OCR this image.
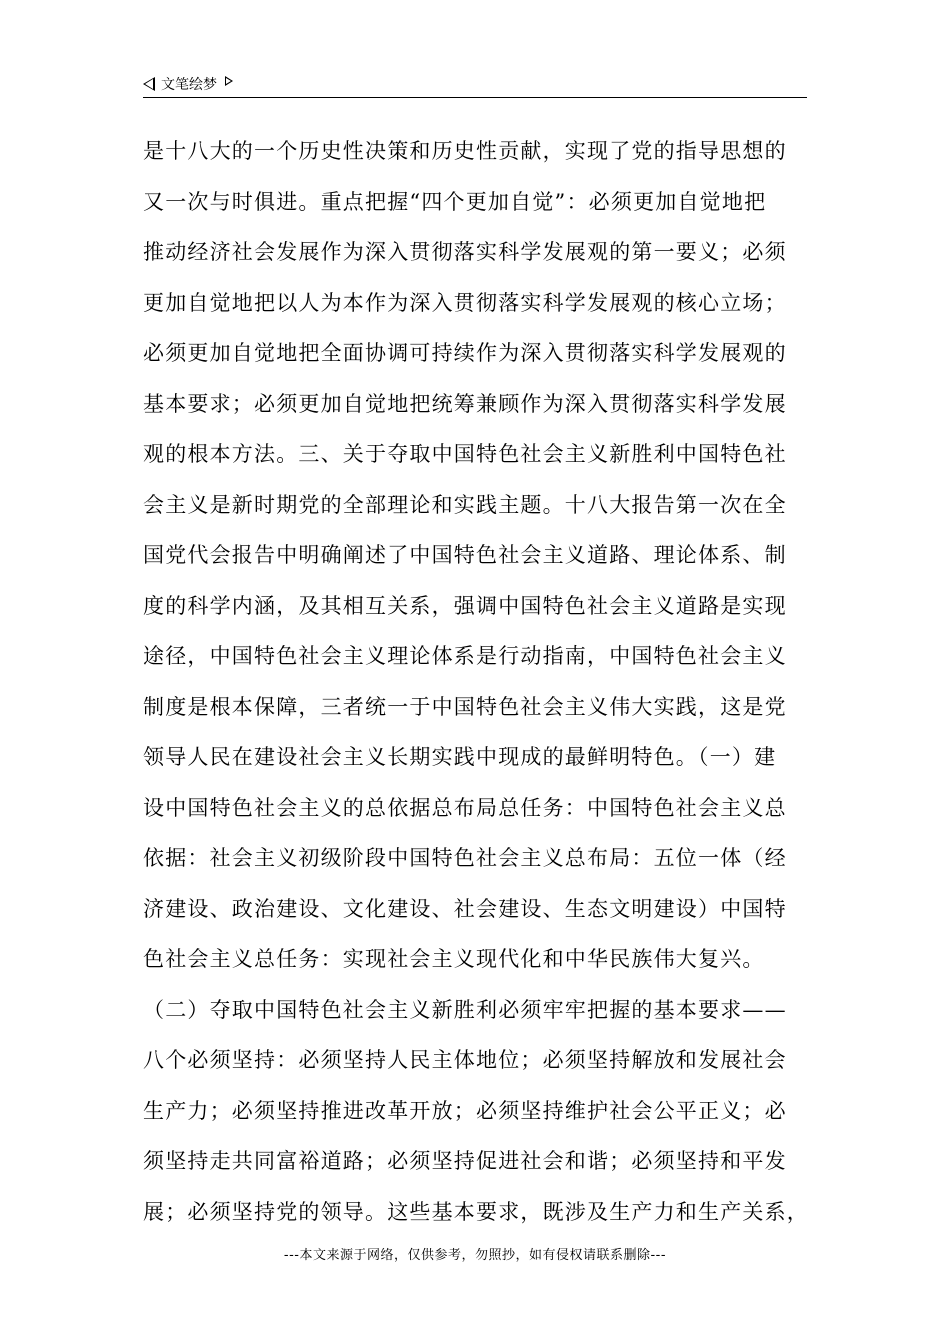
文笔绘梦
是十八大的一个历史性决策和历史性贡献，实现了党的指导思想的
又一次与时俱进。重点把握“四个更加自觉”：必须更加自觉地把
推动经济社会发展作为深入贯彻落实科学发展观的第一要义；必须
更加自觉地把以人为本作为深入贯彻落实科学发展观的核心立场；
必须更加自觉地把全面协调可持续作为深入贯彻落实科学发展观的
基本要求；必须更加自觉地把统筹兼顾作为深入贯彻落实科学发展
观的根本方法。三、关于夺取中国特色社会主义新胜利中国特色社
会主义是新时期党的全部理论和实践主题。十八大报告第一次在全
国党代会报告中明确阐述了中国特色社会主义道路、理论体系、制
度的科学内涵，及其相互关系，强调中国特色社会主义道路是实现
途径，中国特色社会主义理论体系是行动指南，中国特色社会主义
制度是根本保障，三者统一于中国特色社会主义伟大实践，这是党
领导人民在建设社会主义长期实践中现成的最鲜明特色。（一）建
设中国特色社会主义的总依据总布局总任务：中国特色社会主义总
依据：社会主义初级阶段中国特色社会主义总布局：五位一体（经
济建设、政治建设、文化建设、社会建设、生态文明建设）中国特
色社会主义总任务：实现社会主义现代化和中华民族伟大复兴。
（二）夺取中国特色社会主义新胜利必须牢牢把握的基本要求——
八个必须坚持：必须坚持人民主体地位；必须坚持解放和发展社会
生产力；必须坚持推进改革开放；必须坚持维护社会公平正义；必
须坚持走共同富裕道路；必须坚持促进社会和谐；必须坚持和平发
展；必须坚持党的领导。这些基本要求，既涉及生产力和生产关系，
---本文来源于网络，仅供参考，勿照抄，如有侵权请联系删除---
